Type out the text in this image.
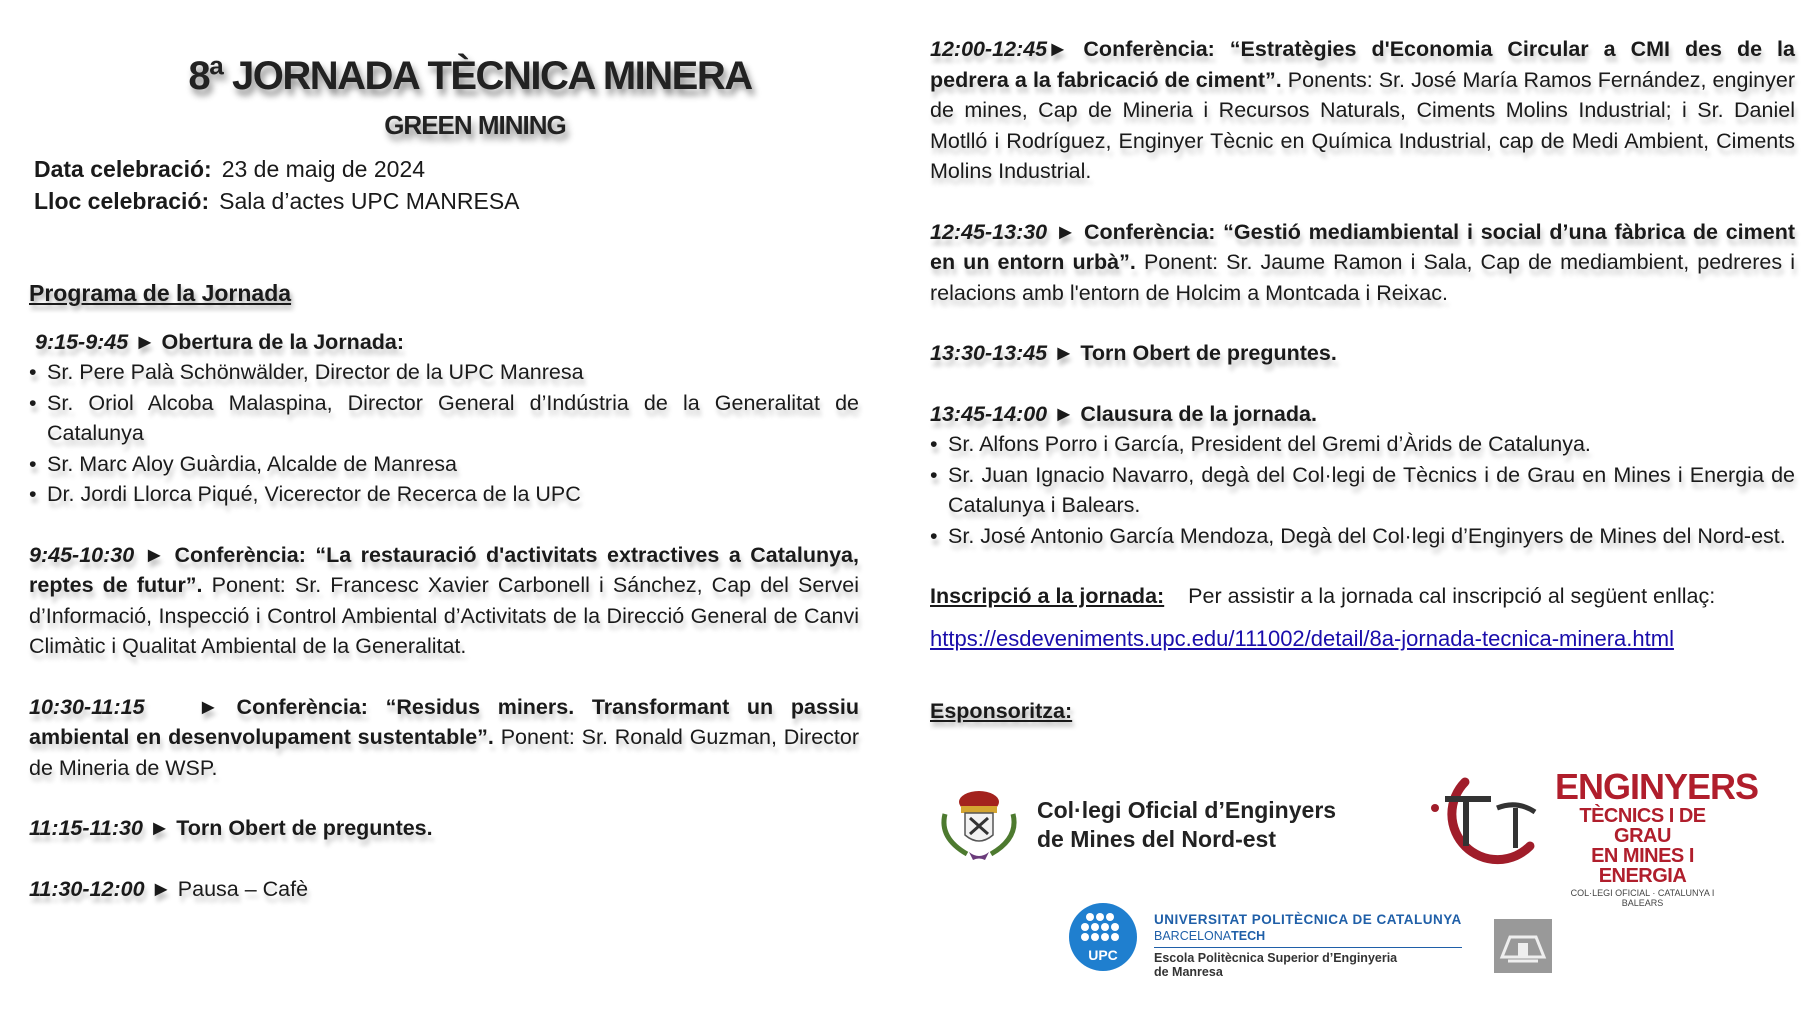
8ª JORNADA TÈCNICA MINERA
GREEN MINING
Data celebració: 23 de maig de 2024
Lloc celebració: Sala d’actes UPC MANRESA

Programa de la Jornada

9:15-9:45 ► Obertura de la Jornada:

• Sr. Pere Palà Schönwälder, Director de la UPC Manresa
• Sr. Oriol Alcoba Malaspina, Director General d’Indústria de la Generalitat de Catalunya
• Sr. Marc Aloy Guàrdia, Alcalde de Manresa
• Dr. Jordi Llorca Piqué, Vicerector de Recerca de la UPC

9:45-10:30 ► Conferència: “La restauració d'activitats extractives a Catalunya, reptes de futur”. Ponent: Sr. Francesc Xavier Carbonell i Sánchez, Cap del Servei d’Informació, Inspecció i Control Ambiental d’Activitats de la Direcció General de Canvi Climàtic i Qualitat Ambiental de la Generalitat.

10:30-11:15   ► Conferència: “Residus miners. Transformant un passiu ambiental en desenvolupament sustentable”. Ponent: Sr. Ronald Guzman, Director de Mineria de WSP.

11:15-11:30 ► Torn Obert de preguntes.

11:30-12:00 ► Pausa – Cafè

12:00-12:45► Conferència: “Estratègies d'Economia Circular a CMI des de la pedrera a la fabricació de ciment”. Ponents: Sr. José María Ramos Fernández, enginyer de mines, Cap de Mineria i Recursos Naturals, Ciments Molins Industrial; i Sr. Daniel Motlló i Rodríguez, Enginyer Tècnic en Química Industrial, cap de Medi Ambient, Ciments Molins Industrial.

12:45-13:30 ► Conferència: “Gestió mediambiental i social d’una fàbrica de ciment en un entorn urbà”. Ponent: Sr. Jaume Ramon i Sala, Cap de mediambient, pedreres i relacions amb l'entorn de Holcim a Montcada i Reixac.

13:30-13:45 ► Torn Obert de preguntes.

13:45-14:00 ► Clausura de la jornada.

• Sr. Alfons Porro i García, President del Gremi d’Àrids de Catalunya.
• Sr. Juan Ignacio Navarro, degà del Col·legi de Tècnics i de Grau en Mines i Energia de Catalunya i Balears.
• Sr. José Antonio García Mendoza, Degà del Col·legi d’Enginyers de Mines del Nord-est.

Inscripció a la jornada: Per assistir a la jornada cal inscripció al següent enllaç:

https://esdeveniments.upc.edu/111002/detail/8a-jornada-tecnica-minera.html

Esponsoritza:

Col·legi Oficial d’Enginyers
de Mines del Nord-est
ENGINYERS
TÈCNICS I DE GRAU
EN MINES I ENERGIA
COL·LEGI OFICIAL · CATALUNYA I BALEARS
UPC
UNIVERSITAT POLITÈCNICA DE CATALUNYA
BARCELONATECH
Escola Politècnica Superior d’Enginyeria
de Manresa
